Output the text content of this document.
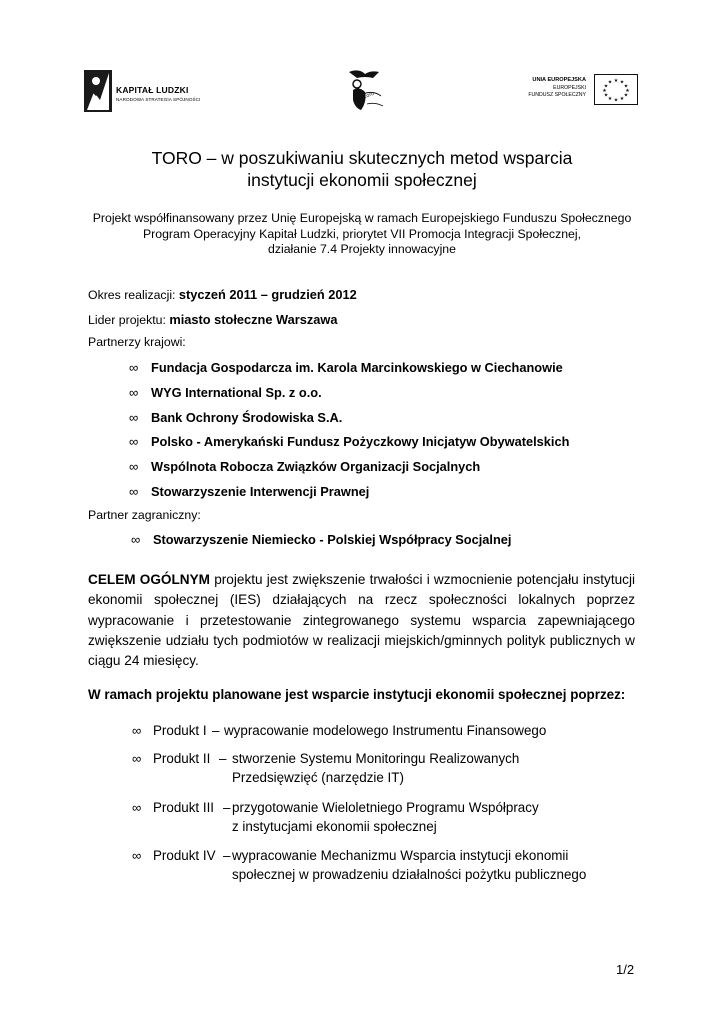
KAPITAŁ LUDZKI
NARODOWA STRATEGIA SPÓJNOŚCI	toro
UNIA EUROPEJSKA
EUROPEJSKI
FUNDUSZ SPOŁECZNY
★ ★
★
★
★
★
★
★
★
★
★
★
TORO – w poszukiwaniu skutecznych metod wsparcia
instytucji ekonomii społecznej
Projekt współfinansowany przez Unię Europejską w ramach Europejskiego Funduszu Społecznego
Program Operacyjny Kapitał Ludzki, priorytet VII Promocja Integracji Społecznej,
działanie 7.4 Projekty innowacyjne
Okres realizacji: styczeń 2011 – grudzień 2012
Lider projektu: miasto stołeczne Warszawa
Partnerzy krajowi:
∞ Fundacja Gospodarcza im. Karola Marcinkowskiego w Ciechanowie
∞ WYG International Sp. z o.o.
∞ Bank Ochrony Środowiska S.A.
∞ Polsko - Amerykański Fundusz Pożyczkowy Inicjatyw Obywatelskich
∞ Wspólnota Robocza Związków Organizacji Socjalnych
∞ Stowarzyszenie Interwencji Prawnej
Partner zagraniczny:
∞ Stowarzyszenie Niemiecko - Polskiej Współpracy Socjalnej
CELEM OGÓLNYM projektu jest zwiększenie trwałości i wzmocnienie potencjału instytucji ekonomii społecznej (IES) działających na rzecz społeczności lokalnych poprzez wypracowanie i przetestowanie zintegrowanego systemu wsparcia zapewniającego zwiększenie udziału tych podmiotów w realizacji miejskich/gminnych polityk publicznych w ciągu 24 miesięcy.
W ramach projektu planowane jest wsparcie instytucji ekonomii społecznej poprzez:
∞ Produkt I – wypracowanie modelowego Instrumentu Finansowego
∞ Produkt II – stworzenie Systemu Monitoringu Realizowanych
Przedsięwzięć (narzędzie IT)
∞ Produkt III – przygotowanie Wieloletniego Programu Współpracy
z instytucjami ekonomii społecznej
∞ Produkt IV – wypracowanie Mechanizmu Wsparcia instytucji ekonomii
społecznej w prowadzeniu działalności pożytku publicznego
1/2
